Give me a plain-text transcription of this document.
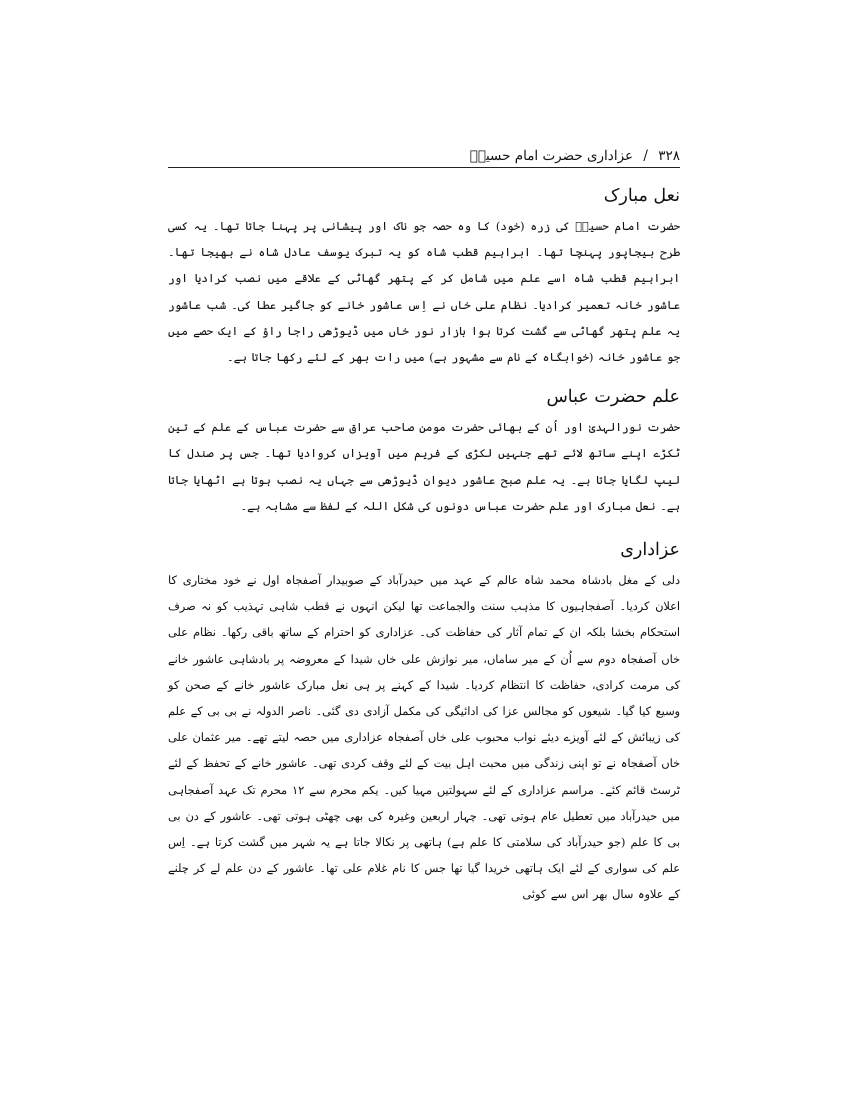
۳۲۸ / عزاداری حضرت امام حسینؑ
نعل مبارک

حضرت امام حسینؑ کی زرہ (خود) کا وہ حصہ جو ناک اور پیشانی پر پہنا جاتا تھا۔ یہ کسی طرح بیجاپور پہنچا تھا۔ ابراہیم قطب شاہ کو یہ تبرک یوسف عادل شاہ نے بھیجا تھا۔ ابراہیم قطب شاہ اسے علم میں شامل کر کے پتھر گھاٹی کے علاقے میں نصب کرادیا اور عاشور خانہ تعمیر کرادیا۔ نظام علی خاں نے اِس عاشور خانے کو جاگیر عطا کی۔ شب عاشور یہ علم پتھر گھاٹی سے گشت کرتا ہوا بازار نور خاں میں ڈیوڑھی راجا راؤ کے ایک حصے میں جو عاشور خانہ (خوابگاہ کے نام سے مشہور ہے) میں رات بھر کے لئے رکھا جاتا ہے۔

علم حضرت عباس

حضرت نورالہدیٰ اور اُن کے بھائی حضرت مومن صاحب عراق سے حضرت عباس کے علم کے تین ٹکڑے اپنے ساتھ لائے تھے جنہیں لکڑی کے فریم میں آویزاں کروادیا تھا۔ جس پر صندل کا لیپ لگایا جاتا ہے۔ یہ علم صبح عاشور دیوان ڈیوڑھی سے جہاں یہ نصب ہوتا ہے اٹھایا جاتا ہے۔ نعل مبارک اور علم حضرت عباس دونوں کی شکل اللہ کے لفظ سے مشابہ ہے۔

عزاداری

دلی کے مغل بادشاہ محمد شاہ عالم کے عہد میں حیدرآباد کے صوبیدار آصفجاہ اول نے خود مختاری کا اعلان کردیا۔ آصفجاہیوں کا مذہب سنت والجماعت تھا لیکن انہوں نے قطب شاہی تہذیب کو نہ صرف استحکام بخشا بلکہ ان کے تمام آثار کی حفاظت کی۔ عزاداری کو احترام کے ساتھ باقی رکھا۔ نظام علی خاں آصفجاہ دوم سے اُن کے میر ساماں، میر نوازش علی خاں شیدا کے معروضہ پر بادشاہی عاشور خانے کی مرمت کرادی، حفاظت کا انتظام کردیا۔ شیدا کے کہنے پر ہی نعل مبارک عاشور خانے کے صحن کو وسیع کیا گیا۔ شیعوں کو مجالس عزا کی ادائیگی کی مکمل آزادی دی گئی۔ ناصر الدولہ نے بی بی کے علم کی زیبائش کے لئے آویزے دیئے نواب محبوب علی خاں آصفجاہ عزاداری میں حصہ لیتے تھے۔ میر عثمان علی خاں آصفجاہ نے تو اپنی زندگی میں محبت اہل بیت کے لئے وقف کردی تھی۔ عاشور خانے کے تحفظ کے لئے ٹرسٹ قائم کئے۔ مراسم عزاداری کے لئے سہولتیں مہیا کیں۔ یکم محرم سے ۱۲ محرم تک عہد آصفجاہی میں حیدرآباد میں تعطیل عام ہوتی تھی۔ چہار اربعین وغیرہ کی بھی چھٹی ہوتی تھی۔ عاشور کے دن بی بی کا علم (جو حیدرآباد کی سلامتی کا علم ہے) ہاتھی پر نکالا جاتا ہے یہ شہر میں گشت کرتا ہے۔ اِس علم کی سواری کے لئے ایک ہاتھی خریدا گیا تھا جس کا نام غلام علی تھا۔ عاشور کے دن علم لے کر چلنے کے علاوہ سال بھر اس سے کوئی
